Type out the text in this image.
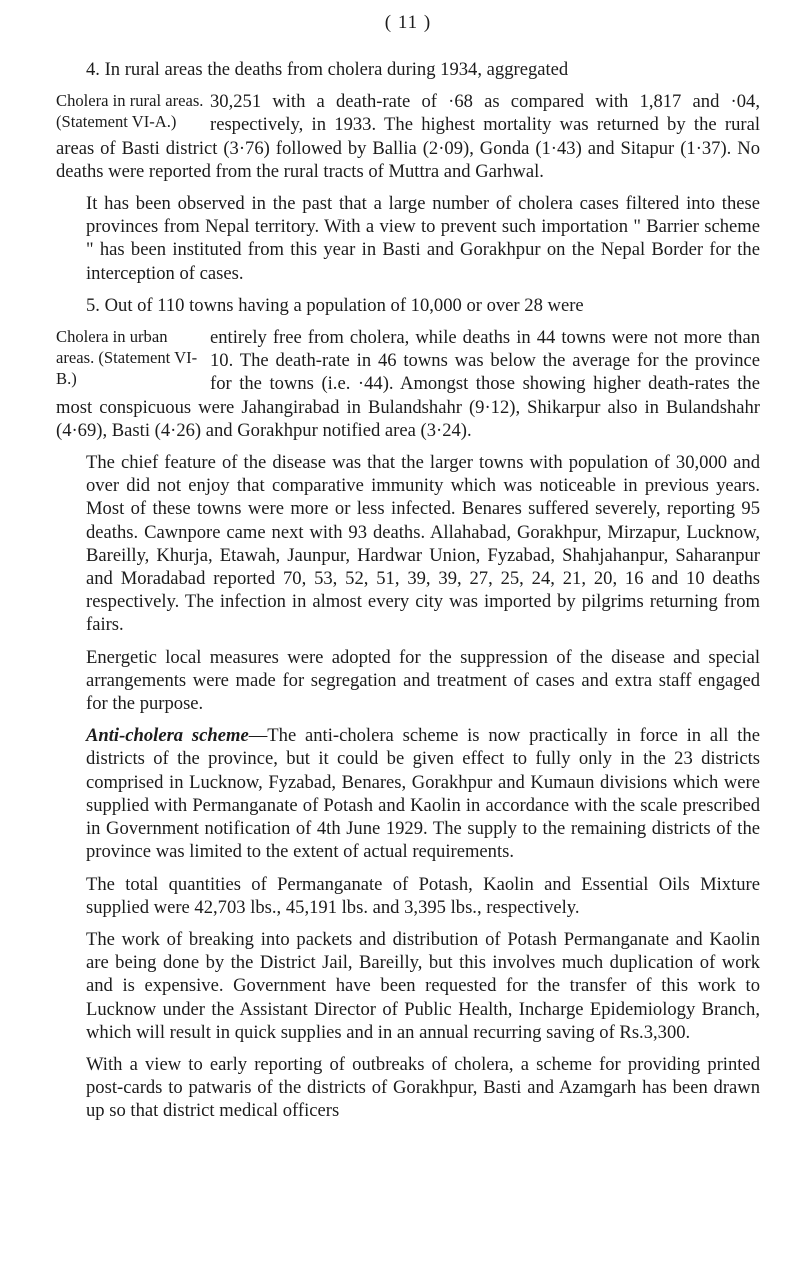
( 11 )

4. In rural areas the deaths from cholera during 1934, aggregated

Cholera in rural areas. (Statement VI-A.)

30,251 with a death-rate of ·68 as compared with 1,817 and ·04, respectively, in 1933. The highest mortality was returned by the rural areas of Basti district (3·76) followed by Ballia (2·09), Gonda (1·43) and Sitapur (1·37). No deaths were reported from the rural tracts of Muttra and Garhwal.

It has been observed in the past that a large number of cholera cases filtered into these provinces from Nepal territory. With a view to prevent such importation " Barrier scheme " has been instituted from this year in Basti and Gorakhpur on the Nepal Border for the interception of cases.

5. Out of 110 towns having a population of 10,000 or over 28 were

Cholera in urban areas. (Statement VI-B.)

entirely free from cholera, while deaths in 44 towns were not more than 10. The death-rate in 46 towns was below the average for the province for the towns (i.e. ·44). Amongst those showing higher death-rates the most conspicuous were Jahangirabad in Bulandshahr (9·12), Shikarpur also in Bulandshahr (4·69), Basti (4·26) and Gorakhpur notified area (3·24).

The chief feature of the disease was that the larger towns with population of 30,000 and over did not enjoy that comparative immunity which was noticeable in previous years. Most of these towns were more or less infected. Benares suffered severely, reporting 95 deaths. Cawnpore came next with 93 deaths. Allahabad, Gorakhpur, Mirzapur, Lucknow, Bareilly, Khurja, Etawah, Jaunpur, Hardwar Union, Fyzabad, Shahjahanpur, Saharanpur and Moradabad reported 70, 53, 52, 51, 39, 39, 27, 25, 24, 21, 20, 16 and 10 deaths respectively. The infection in almost every city was imported by pilgrims returning from fairs.

Energetic local measures were adopted for the suppression of the disease and special arrangements were made for segregation and treatment of cases and extra staff engaged for the purpose.

Anti-cholera scheme—The anti-cholera scheme is now practically in force in all the districts of the province, but it could be given effect to fully only in the 23 districts comprised in Lucknow, Fyzabad, Benares, Gorakhpur and Kumaun divisions which were supplied with Permanganate of Potash and Kaolin in accordance with the scale prescribed in Government notification of 4th June 1929. The supply to the remaining districts of the province was limited to the extent of actual requirements.

The total quantities of Permanganate of Potash, Kaolin and Essential Oils Mixture supplied were 42,703 lbs., 45,191 lbs. and 3,395 lbs., respectively.

The work of breaking into packets and distribution of Potash Permanganate and Kaolin are being done by the District Jail, Bareilly, but this involves much duplication of work and is expensive. Government have been requested for the transfer of this work to Lucknow under the Assistant Director of Public Health, Incharge Epidemiology Branch, which will result in quick supplies and in an annual recurring saving of Rs.3,300.

With a view to early reporting of outbreaks of cholera, a scheme for providing printed post-cards to patwaris of the districts of Gorakhpur, Basti and Azamgarh has been drawn up so that district medical officers
